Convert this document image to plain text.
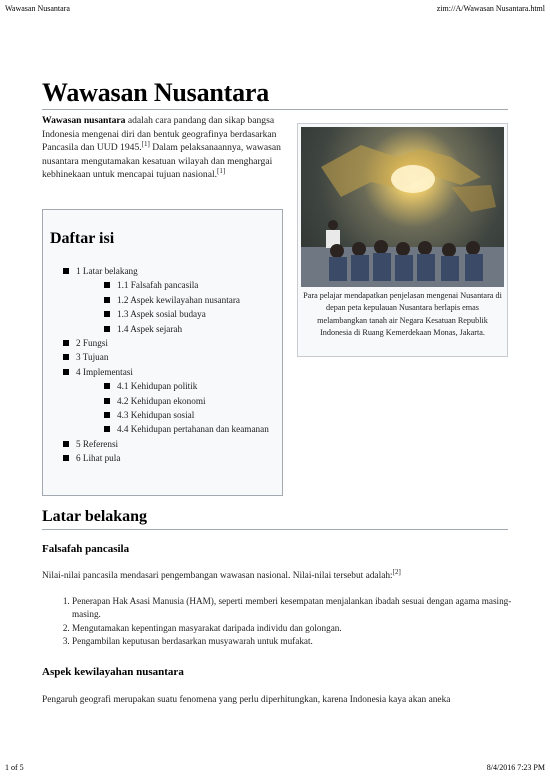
Wawasan Nusantara	zim://A/Wawasan Nusantara.html
Wawasan Nusantara
Wawasan nusantara adalah cara pandang dan sikap bangsa Indonesia mengenai diri dan bentuk geografinya berdasarkan Pancasila dan UUD 1945.[1] Dalam pelaksanaannya, wawasan nusantara mengutamakan kesatuan wilayah dan menghargai kebhinekaan untuk mencapai tujuan nasional.[1]
Para pelajar mendapatkan penjelasan mengenai Nusantara di depan peta kepulauan Nusantara berlapis emas melambangkan tanah air Negara Kesatuan Republik Indonesia di Ruang Kemerdekaan Monas, Jakarta.
Daftar isi
1 Latar belakang
1.1 Falsafah pancasila
1.2 Aspek kewilayahan nusantara
1.3 Aspek sosial budaya
1.4 Aspek sejarah
2 Fungsi
3 Tujuan
4 Implementasi
4.1 Kehidupan politik
4.2 Kehidupan ekonomi
4.3 Kehidupan sosial
4.4 Kehidupan pertahanan dan keamanan
5 Referensi
6 Lihat pula
Latar belakang
Falsafah pancasila

Nilai-nilai pancasila mendasari pengembangan wawasan nasional. Nilai-nilai tersebut adalah:[2]

1. Penerapan Hak Asasi Manusia (HAM), seperti memberi kesempatan menjalankan ibadah sesuai dengan agama masing- masing.
2. Mengutamakan kepentingan masyarakat daripada individu dan golongan.
3. Pengambilan keputusan berdasarkan musyawarah untuk mufakat.
Aspek kewilayahan nusantara

Pengaruh geografi merupakan suatu fenomena yang perlu diperhitungkan, karena Indonesia kaya akan aneka

1 of 5	8/4/2016 7:23 PM
